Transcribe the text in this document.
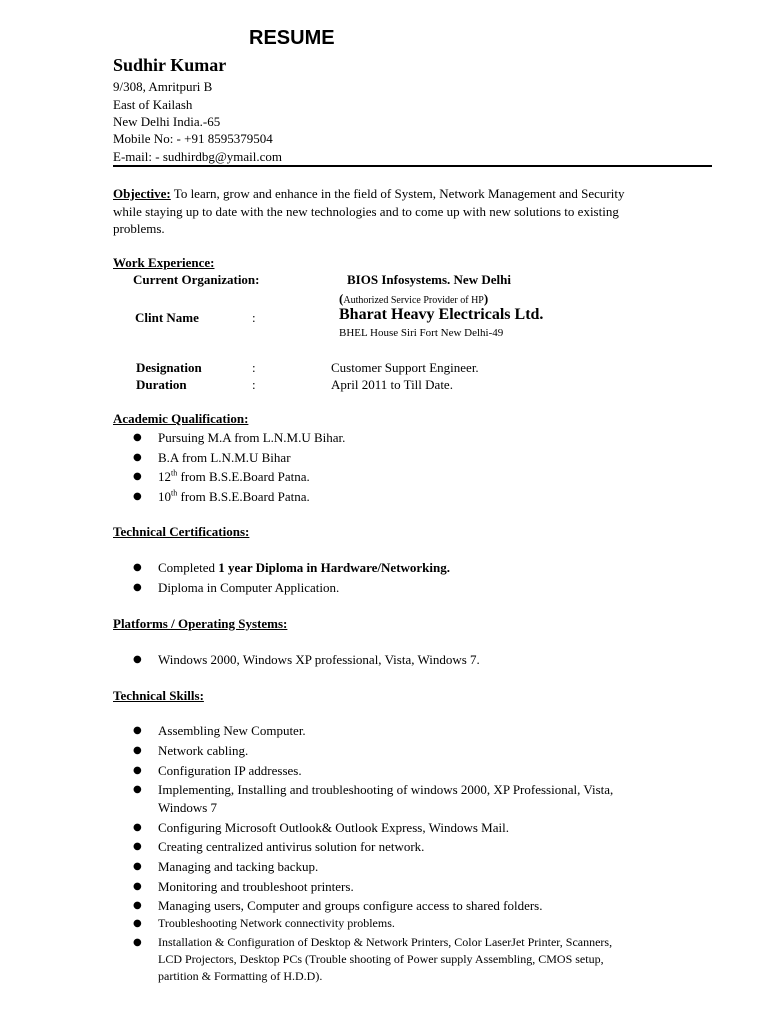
RESUME
Sudhir Kumar
9/308, Amritpuri B
East of Kailash
New Delhi India.-65
Mobile No: - +91 8595379504
E-mail: - sudhirdbg@ymail.com
Objective: To learn, grow and enhance in the field of System, Network Management and Security
while staying up to date with the new technologies and to come up with new solutions to existing
problems.
Work Experience:
Current Organization:	BIOS Infosystems. New Delhi
(Authorized Service Provider of HP)
Clint Name	:	Bharat Heavy Electricals Ltd.
BHEL House Siri Fort New Delhi-49
Designation	:	Customer Support Engineer.
Duration	:	April 2011 to Till Date.
Academic Qualification:
● Pursuing M.A from L.N.M.U Bihar.
● B.A from L.N.M.U Bihar
● 12th from B.S.E.Board Patna.
● 10th from B.S.E.Board Patna.
Technical Certifications:
● Completed 1 year Diploma in Hardware/Networking.
● Diploma in Computer Application.
Platforms / Operating Systems:
● Windows 2000, Windows XP professional, Vista, Windows 7.
Technical Skills:
● Assembling New Computer.
● Network cabling.
● Configuration IP addresses.
● Implementing, Installing and troubleshooting of windows 2000, XP Professional, Vista,
Windows 7
● Configuring Microsoft Outlook& Outlook Express, Windows Mail.
● Creating centralized antivirus solution for network.
● Managing and tacking backup.
● Monitoring and troubleshoot printers.
● Managing users, Computer and groups configure access to shared folders.
● Troubleshooting Network connectivity problems.
● Installation & Configuration of Desktop & Network Printers, Color LaserJet Printer, Scanners,
LCD Projectors, Desktop PCs (Trouble shooting of Power supply Assembling, CMOS setup,
partition & Formatting of H.D.D).
